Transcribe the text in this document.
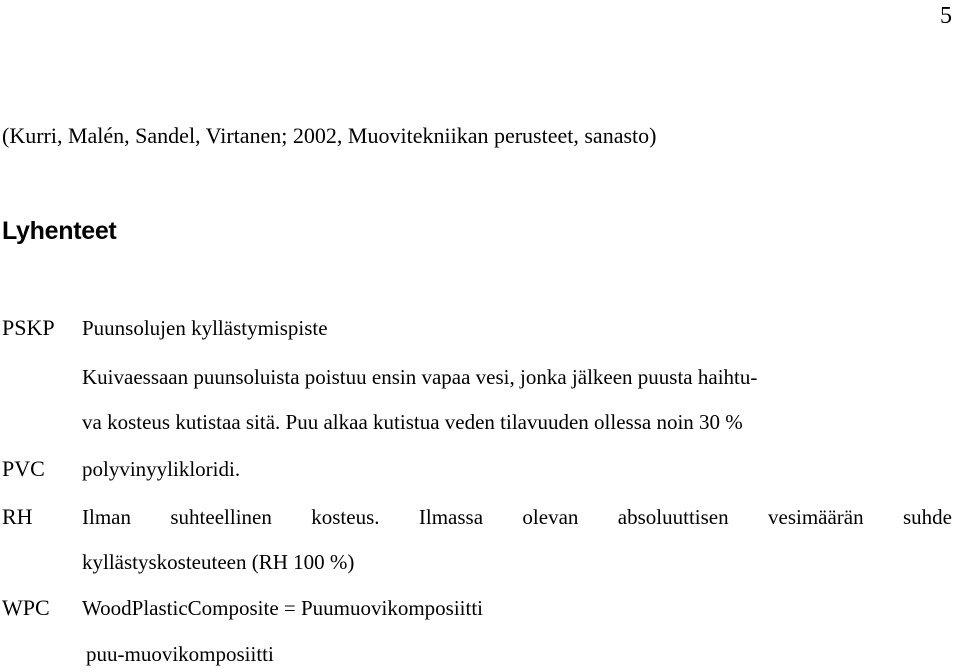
5
(Kurri, Malén, Sandel, Virtanen; 2002, Muovitekniikan perusteet, sanasto)
Lyhenteet
PSKP Puunsolujen kyllästymispiste
Kuivaessaan puunsoluista poistuu ensin vapaa vesi, jonka jälkeen puusta haihtu-
va kosteus kutistaa sitä. Puu alkaa kutistua veden tilavuuden ollessa noin 30 %
PVC polyvinyylikloridi.
RH Ilman suhteellinen kosteus. Ilmassa olevan absoluuttisen vesimäärän suhde
kyllästyskosteuteen (RH 100 %)
WPC WoodPlasticComposite = Puumuovikomposiitti
puu-muovikomposiitti
